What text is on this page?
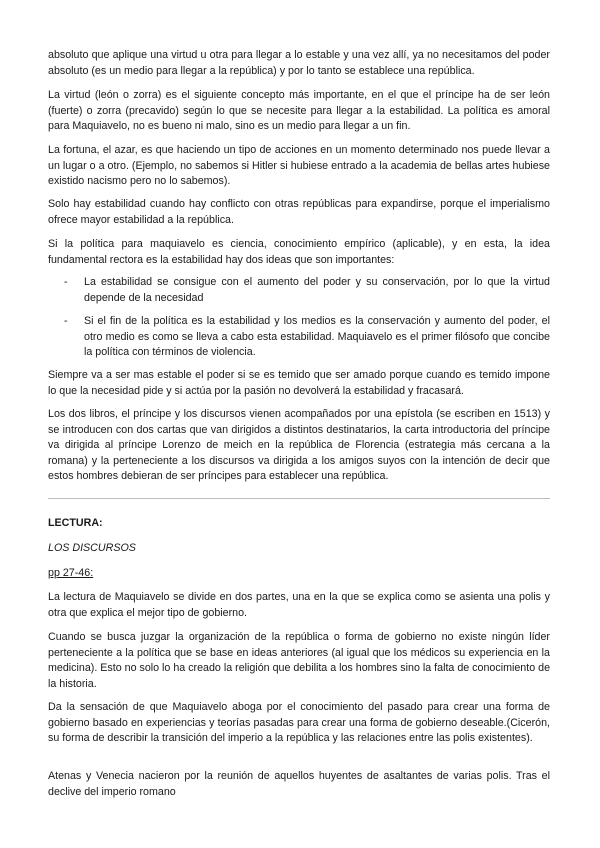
absoluto que aplique una virtud u otra para llegar a lo estable y una vez allí, ya no necesitamos del poder absoluto (es un medio para llegar a la república) y por lo tanto se establece una república.

La virtud (león o zorra) es el siguiente concepto más importante, en el que el príncipe ha de ser león (fuerte) o zorra (precavido) según lo que se necesite para llegar a la estabilidad. La política es amoral para Maquiavelo, no es bueno ni malo, sino es un medio para llegar a un fin.

La fortuna, el azar, es que haciendo un tipo de acciones en un momento determinado nos puede llevar a un lugar o a otro. (Ejemplo, no sabemos si Hitler si hubiese entrado a la academia de bellas artes hubiese existido nacismo pero no lo sabemos).

Solo hay estabilidad cuando hay conflicto con otras repúblicas para expandirse, porque el imperialismo ofrece mayor estabilidad a la república.

Si la política para maquiavelo es ciencia, conocimiento empírico (aplicable), y en esta, la idea fundamental rectora es la estabilidad hay dos ideas que son importantes:

- La estabilidad se consigue con el aumento del poder y su conservación, por lo que la virtud depende de la necesidad
- Si el fin de la política es la estabilidad y los medios es la conservación y aumento del poder, el otro medio es como se lleva a cabo esta estabilidad. Maquiavelo es el primer filósofo que concibe la política con términos de violencia.

Siempre va a ser mas estable el poder si se es temido que ser amado porque cuando es temido impone lo que la necesidad pide y si actúa por la pasión no devolverá la estabilidad y fracasará.

Los dos libros, el príncipe y los discursos vienen acompañados por una epístola (se escriben en 1513) y se introducen con dos cartas que van dirigidos a distintos destinatarios, la carta introductoria del príncipe va dirigida al príncipe Lorenzo de meich en la república de Florencia (estrategia más cercana a la romana) y la perteneciente a los discursos va dirigida a los amigos suyos con la intención de decir que estos hombres debieran de ser príncipes para establecer una república.

LECTURA:

LOS DISCURSOS

pp 27-46:

La lectura de Maquiavelo se divide en dos partes, una en la que se explica como se asienta una polis y otra que explica el mejor tipo de gobierno.

Cuando se busca juzgar la organización de la república o forma de gobierno no existe ningún líder perteneciente a la política que se base en ideas anteriores (al igual que los médicos su experiencia en la medicina). Esto no solo lo ha creado la religión que debilita a los hombres sino la falta de conocimiento de la historia.

Da la sensación de que Maquiavelo aboga por el conocimiento del pasado para crear una forma de gobierno basado en experiencias y teorías pasadas para crear una forma de gobierno deseable.(Cicerón, su forma de describir la transición del imperio a la república y las relaciones entre las polis existentes).

Atenas y Venecia nacieron por la reunión de aquellos huyentes de asaltantes de varias polis. Tras el declive del imperio romano
